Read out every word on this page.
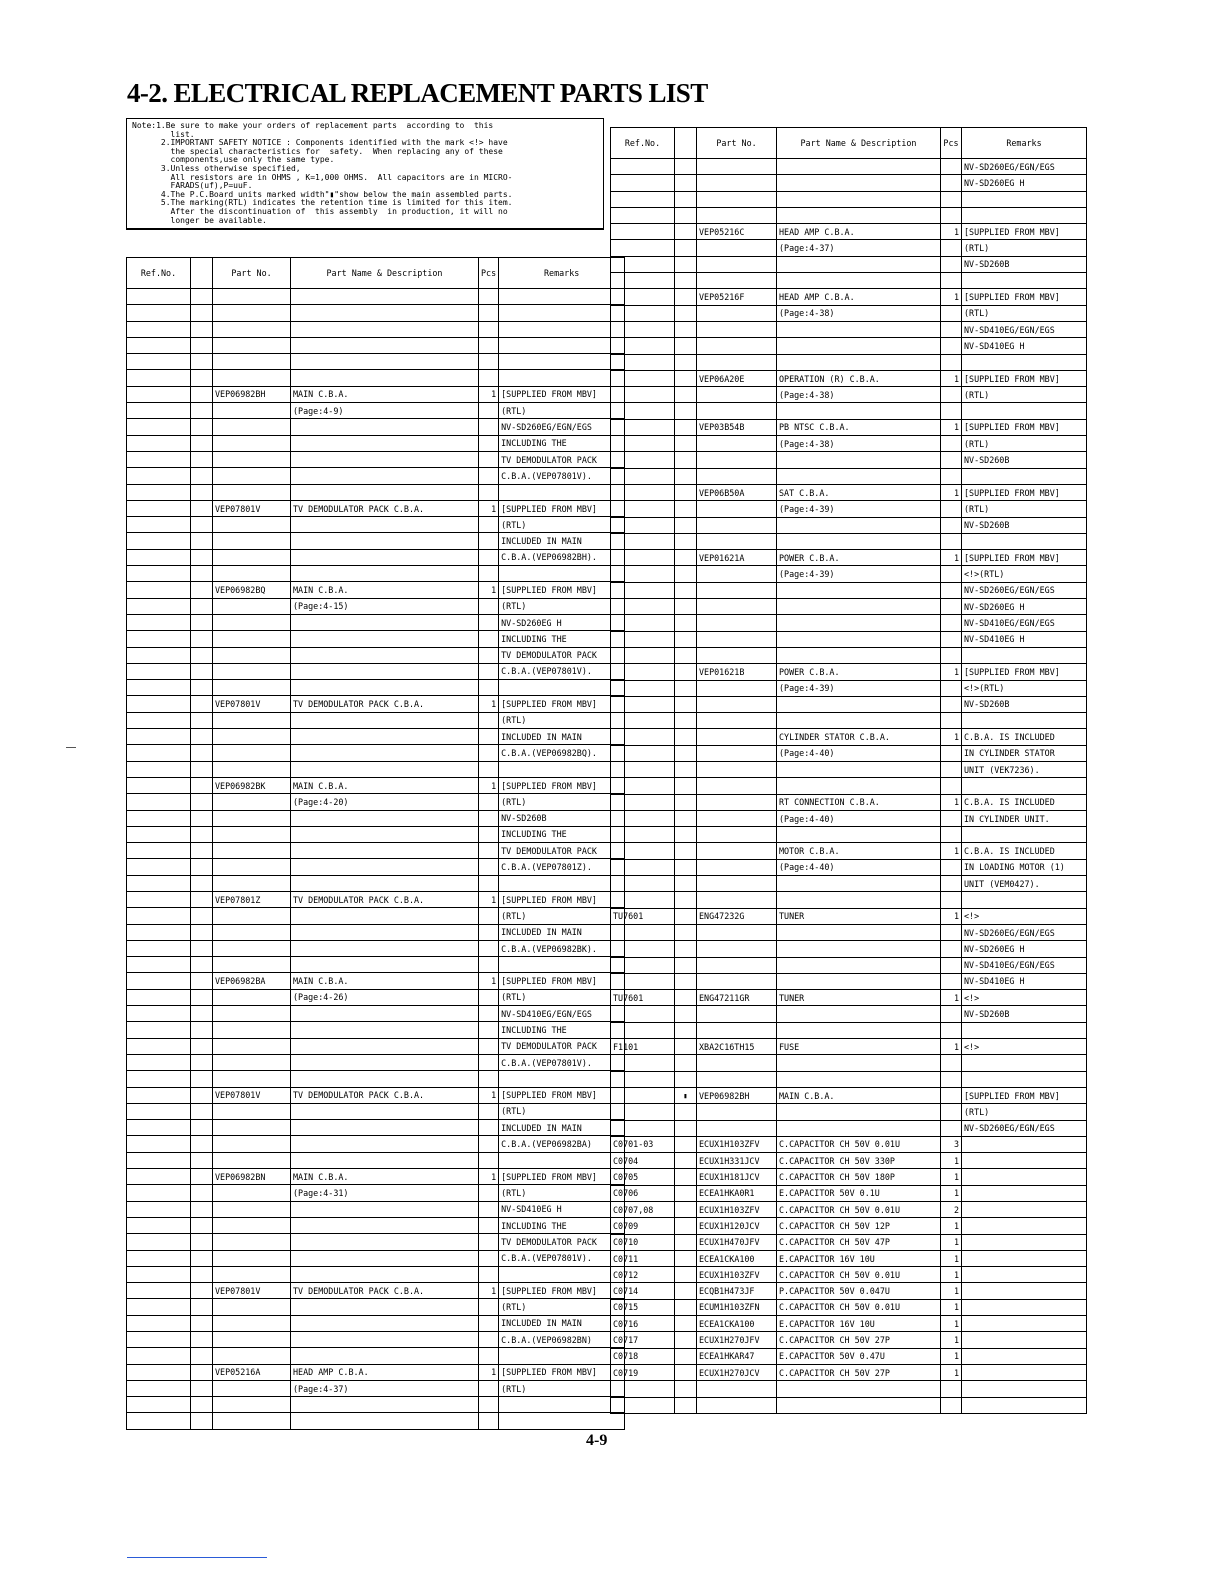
4-2. ELECTRICAL REPLACEMENT PARTS LIST
Note:1.Be sure to make your orders of replacement parts  according to  this
list.
2.IMPORTANT SAFETY NOTICE : Components identified with the mark <!> have
the special characteristics for  safety.  When replacing any of these
components,use only the same type.
3.Unless otherwise specified,
All resistors are in OHMS , K=1,000 OHMS.  All capacitors are in MICRO-
FARADS(uf),P=uuF.
4.The P.C.Board units marked width"▮"show below the main assembled parts.
5.The marking(RTL) indicates the retention time is limited for this item.
After the discontinuation of  this assembly  in production, it will no
longer be available.
Ref.No.		Part No.	Part Name & Description	Pcs	Remarks

		VEP06982BH	MAIN C.B.A.	1	[SUPPLIED FROM MBV]
			(Page:4-9)		(RTL)
					NV-SD260EG/EGN/EGS
					INCLUDING THE
					TV DEMODULATOR PACK
					C.B.A.(VEP07801V).

		VEP07801V	TV DEMODULATOR PACK C.B.A.	1	[SUPPLIED FROM MBV]
					(RTL)
					INCLUDED IN MAIN
					C.B.A.(VEP06982BH).

		VEP06982BQ	MAIN C.B.A.	1	[SUPPLIED FROM MBV]
			(Page:4-15)		(RTL)
					NV-SD260EG H
					INCLUDING THE
					TV DEMODULATOR PACK
					C.B.A.(VEP07801V).

		VEP07801V	TV DEMODULATOR PACK C.B.A.	1	[SUPPLIED FROM MBV]
					(RTL)
					INCLUDED IN MAIN
					C.B.A.(VEP06982BQ).

		VEP06982BK	MAIN C.B.A.	1	[SUPPLIED FROM MBV]
			(Page:4-20)		(RTL)
					NV-SD260B
					INCLUDING THE
					TV DEMODULATOR PACK
					C.B.A.(VEP07801Z).

		VEP07801Z	TV DEMODULATOR PACK C.B.A.	1	[SUPPLIED FROM MBV]
					(RTL)
					INCLUDED IN MAIN
					C.B.A.(VEP06982BK).

		VEP06982BA	MAIN C.B.A.	1	[SUPPLIED FROM MBV]
			(Page:4-26)		(RTL)
					NV-SD410EG/EGN/EGS
					INCLUDING THE
					TV DEMODULATOR PACK
					C.B.A.(VEP07801V).

		VEP07801V	TV DEMODULATOR PACK C.B.A.	1	[SUPPLIED FROM MBV]
					(RTL)
					INCLUDED IN MAIN
					C.B.A.(VEP06982BA)

		VEP06982BN	MAIN C.B.A.	1	[SUPPLIED FROM MBV]
			(Page:4-31)		(RTL)
					NV-SD410EG H
					INCLUDING THE
					TV DEMODULATOR PACK
					C.B.A.(VEP07801V).

		VEP07801V	TV DEMODULATOR PACK C.B.A.	1	[SUPPLIED FROM MBV]
					(RTL)
					INCLUDED IN MAIN
					C.B.A.(VEP06982BN)

		VEP05216A	HEAD AMP C.B.A.	1	[SUPPLIED FROM MBV]
			(Page:4-37)		(RTL)

Ref.No.		Part No.	Part Name & Description	Pcs	Remarks
					NV-SD260EG/EGN/EGS
					NV-SD260EG H

		VEP05216C	HEAD AMP C.B.A.	1	[SUPPLIED FROM MBV]
			(Page:4-37)		(RTL)
					NV-SD260B

		VEP05216F	HEAD AMP C.B.A.	1	[SUPPLIED FROM MBV]
			(Page:4-38)		(RTL)
					NV-SD410EG/EGN/EGS
					NV-SD410EG H

		VEP06A20E	OPERATION (R) C.B.A.	1	[SUPPLIED FROM MBV]
			(Page:4-38)		(RTL)

		VEP03B54B	PB NTSC C.B.A.	1	[SUPPLIED FROM MBV]
			(Page:4-38)		(RTL)
					NV-SD260B

		VEP06B50A	SAT C.B.A.	1	[SUPPLIED FROM MBV]
			(Page:4-39)		(RTL)
					NV-SD260B

		VEP01621A	POWER C.B.A.	1	[SUPPLIED FROM MBV]
			(Page:4-39)		<!>(RTL)
					NV-SD260EG/EGN/EGS
					NV-SD260EG H
					NV-SD410EG/EGN/EGS
					NV-SD410EG H

		VEP01621B	POWER C.B.A.	1	[SUPPLIED FROM MBV]
			(Page:4-39)		<!>(RTL)
					NV-SD260B

			CYLINDER STATOR C.B.A.	1	C.B.A. IS INCLUDED
			(Page:4-40)		IN CYLINDER STATOR
					UNIT (VEK7236).

			RT CONNECTION C.B.A.	1	C.B.A. IS INCLUDED
			(Page:4-40)		IN CYLINDER UNIT.

			MOTOR C.B.A.	1	C.B.A. IS INCLUDED
			(Page:4-40)		IN LOADING MOTOR (1)
					UNIT (VEM0427).

TU7601		ENG47232G	TUNER	1	<!>
					NV-SD260EG/EGN/EGS
					NV-SD260EG H
					NV-SD410EG/EGN/EGS
					NV-SD410EG H
TU7601		ENG47211GR	TUNER	1	<!>
					NV-SD260B

F1101		XBA2C16TH15	FUSE	1	<!>

	▮	VEP06982BH	MAIN C.B.A.		[SUPPLIED FROM MBV]
					(RTL)
					NV-SD260EG/EGN/EGS
C0701-03		ECUX1H103ZFV	C.CAPACITOR CH 50V 0.01U	3	
C0704		ECUX1H331JCV	C.CAPACITOR CH 50V 330P	1	
C0705		ECUX1H181JCV	C.CAPACITOR CH 50V 180P	1	
C0706		ECEA1HKA0R1	E.CAPACITOR 50V 0.1U	1	
C0707,08		ECUX1H103ZFV	C.CAPACITOR CH 50V 0.01U	2	
C0709		ECUX1H120JCV	C.CAPACITOR CH 50V 12P	1	
C0710		ECUX1H470JFV	C.CAPACITOR CH 50V 47P	1	
C0711		ECEA1CKA100	E.CAPACITOR 16V 10U	1	
C0712		ECUX1H103ZFV	C.CAPACITOR CH 50V 0.01U	1	
C0714		ECQB1H473JF	P.CAPACITOR 50V 0.047U	1	
C0715		ECUM1H103ZFN	C.CAPACITOR CH 50V 0.01U	1	
C0716		ECEA1CKA100	E.CAPACITOR 16V 10U	1	
C0717		ECUX1H270JFV	C.CAPACITOR CH 50V 27P	1	
C0718		ECEA1HKAR47	E.CAPACITOR 50V 0.47U	1	
C0719		ECUX1H270JCV	C.CAPACITOR CH 50V 27P	1	

4-9
